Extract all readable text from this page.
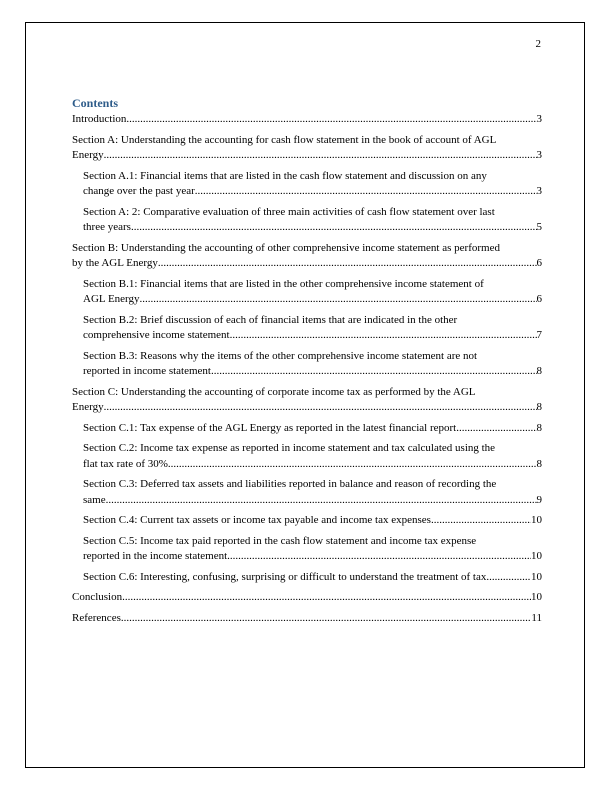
2
Contents
Introduction .....	3
Section A: Understanding the accounting for cash flow statement in the book of account of AGL
Energy .....	3
Section A.1: Financial items that are listed in the cash flow statement and discussion on any
change over the past year .....	3
Section A: 2: Comparative evaluation of three main activities of cash flow statement over last
three years .....	5
Section B: Understanding the accounting of other comprehensive income statement as performed
by the AGL Energy .....	6
Section B.1: Financial items that are listed in the other comprehensive income statement of
AGL Energy .....	6
Section B.2: Brief discussion of each of financial items that are indicated in the other
comprehensive income statement .....	7
Section B.3: Reasons why the items of the other comprehensive income statement are not
reported in income statement .....	8
Section C: Understanding the accounting of corporate income tax as performed by the AGL
Energy .....	8
Section C.1: Tax expense of the AGL Energy as reported in the latest financial report .....	8
Section C.2: Income tax expense as reported in income statement and tax calculated using the
flat tax rate of 30% .....	8
Section C.3: Deferred tax assets and liabilities reported in balance and reason of recording the
same .....	9
Section C.4: Current tax assets or income tax payable and income tax expenses .....	10
Section C.5: Income tax paid reported in the cash flow statement and income tax expense
reported in the income statement .....	10
Section C.6: Interesting, confusing, surprising or difficult to understand the treatment of tax. .....	10
Conclusion .....	10
References .....	11
